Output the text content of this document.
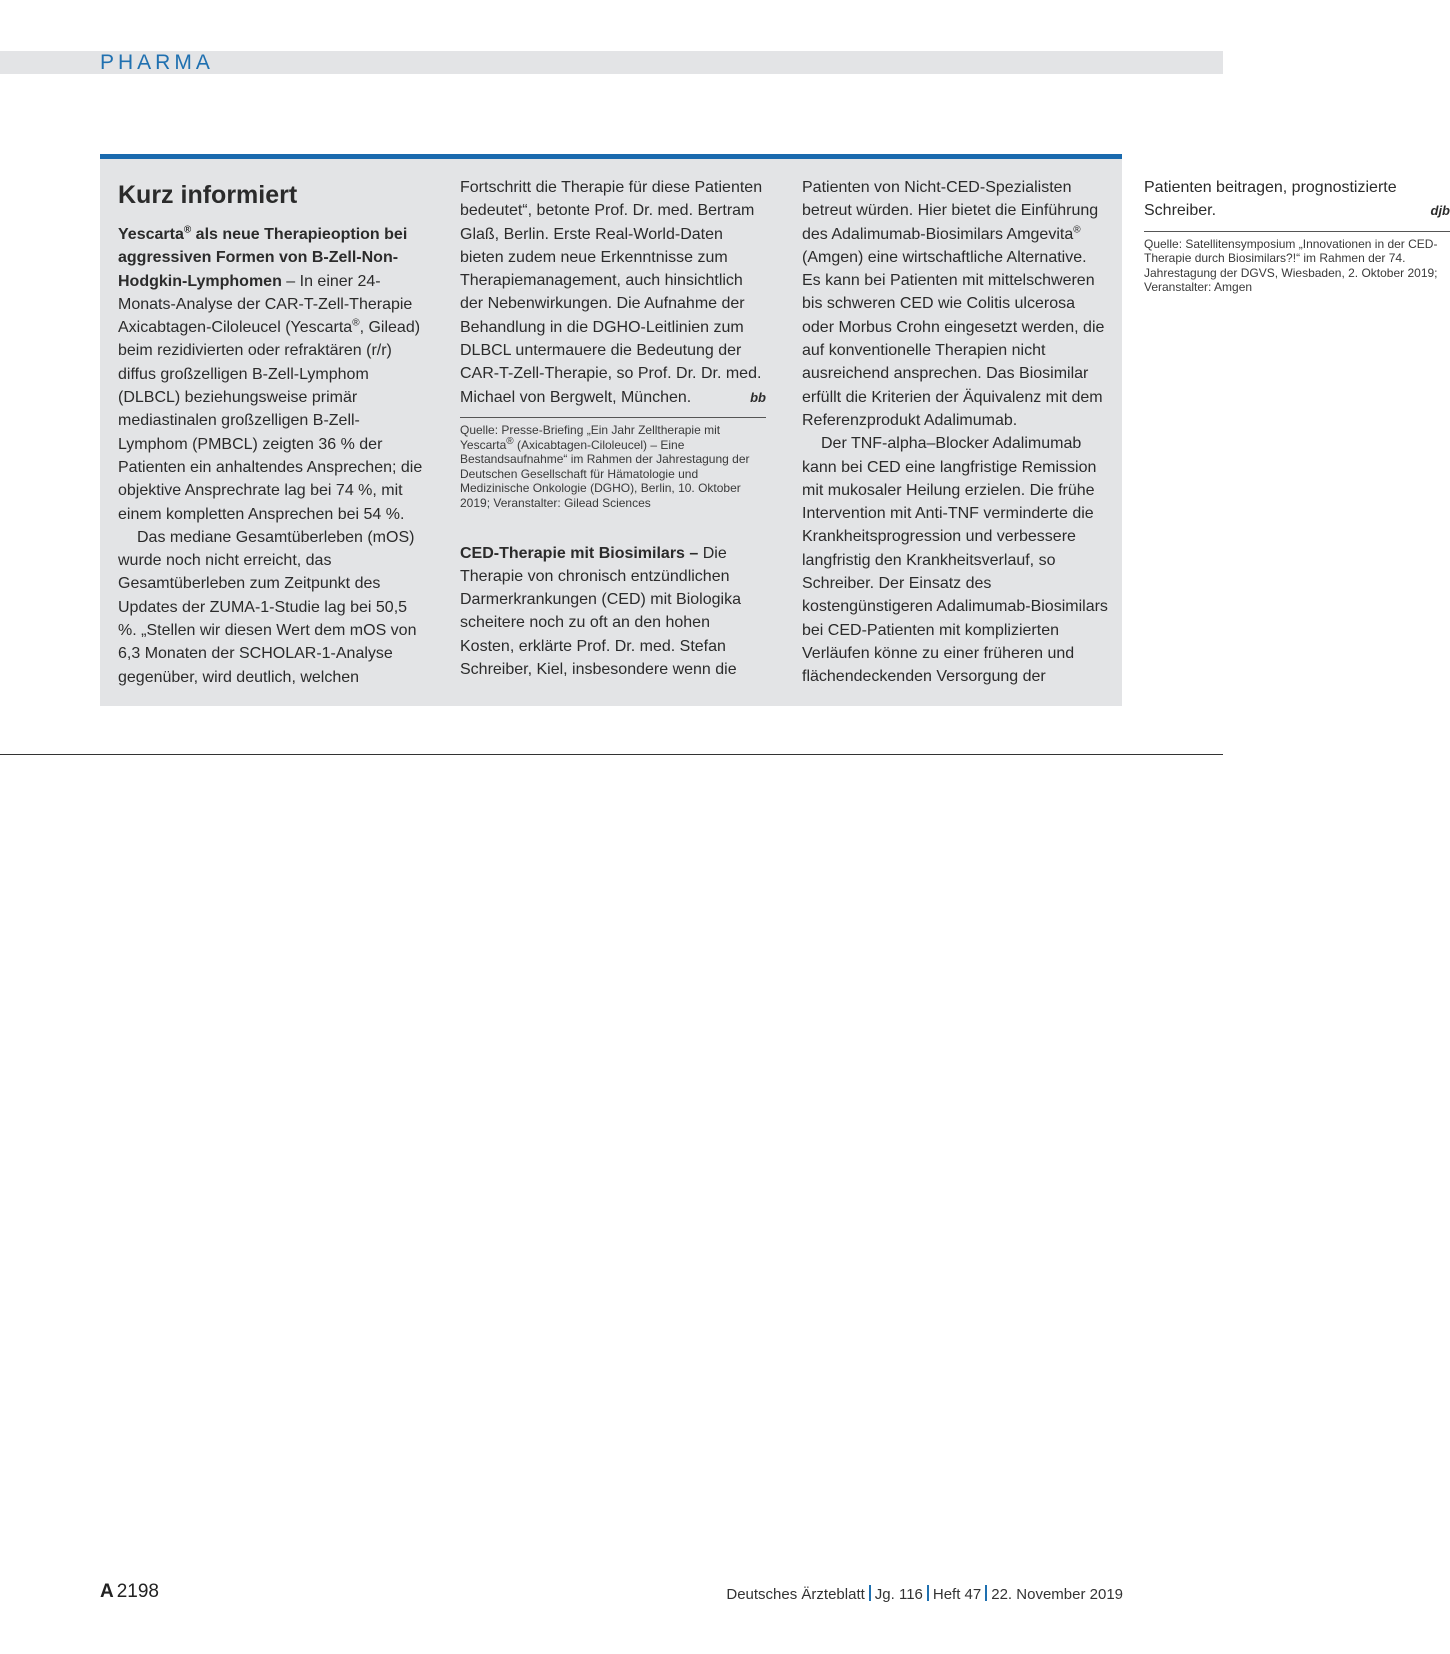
PHARMA
Kurz informiert

Yescarta® als neue Therapieoption bei aggressiven Formen von B-Zell-Non-Hodgkin-Lymphomen – In einer 24-Monats-Analyse der CAR-T-Zell-Therapie Axicabtagen-Ciloleucel (Yescarta®, Gilead) beim rezidivierten oder refraktären (r/r) diffus großzelligen B-Zell-Lymphom (DLBCL) beziehungsweise primär mediastinalen großzelligen B-Zell-Lymphom (PMBCL) zeigten 36 % der Patienten ein anhaltendes Ansprechen; die objektive Ansprechrate lag bei 74 %, mit einem kompletten Ansprechen bei 54 %.

Das mediane Gesamtüberleben (mOS) wurde noch nicht erreicht, das Gesamtüberleben zum Zeitpunkt des Updates der ZUMA-1-Studie lag bei 50,5 %. „Stellen wir diesen Wert dem mOS von 6,3 Monaten der SCHOLAR-1-Analyse gegenüber, wird deutlich, welchen Fortschritt die Therapie für diese Patienten bedeutet“, betonte Prof. Dr. med. Bertram Glaß, Berlin. Erste Real-World-Daten bieten zudem neue Erkenntnisse zum Therapiemanagement, auch hinsichtlich der Nebenwirkungen. Die Aufnahme der Behandlung in die DGHO-Leitlinien zum DLBCL untermauere die Bedeutung der CAR-T-Zell-Therapie, so Prof. Dr. Dr. med. Michael von Bergwelt, München.	bb

Quelle: Presse-Briefing „Ein Jahr Zelltherapie mit Yescarta® (Axicabtagen-Ciloleucel) – Eine Bestandsaufnahme“ im Rahmen der Jahrestagung der Deutschen Gesellschaft für Hämatologie und Medizinische Onkologie (DGHO), Berlin, 10. Oktober 2019; Veranstalter: Gilead Sciences

CED-Therapie mit Biosimilars – Die Therapie von chronisch entzündlichen Darmerkrankungen (CED) mit Biologika scheitere noch zu oft an den hohen Kosten, erklärte Prof. Dr. med. Stefan Schreiber, Kiel, insbesondere wenn die Patienten von Nicht-CED-Spezialisten betreut würden. Hier bietet die Einführung des Adalimumab-Biosimilars Amgevita® (Amgen) eine wirtschaftliche Alternative. Es kann bei Patienten mit mittelschweren bis schweren CED wie Colitis ulcerosa oder Morbus Crohn eingesetzt werden, die auf konventionelle Therapien nicht ausreichend ansprechen. Das Biosimilar erfüllt die Kriterien der Äquivalenz mit dem Referenzprodukt Adalimumab.

Der TNF-alpha–Blocker Adalimumab kann bei CED eine langfristige Remission mit mukosaler Heilung erzielen. Die frühe Intervention mit Anti-TNF verminderte die Krankheitsprogression und verbessere langfristig den Krankheitsverlauf, so Schreiber. Der Einsatz des kostengünstigeren Adalimumab-Biosimilars bei CED-Patienten mit komplizierten Verläufen könne zu einer früheren und flächendeckenden Versorgung der Patienten beitragen, prognostizierte Schreiber.	djb

Quelle: Satellitensymposium „Innovationen in der CED-Therapie durch Biosimilars?!“ im Rahmen der 74. Jahrestagung der DGVS, Wiesbaden, 2. Oktober 2019; Veranstalter: Amgen
A 2198	Deutsches Ärzteblatt Jg. 116 Heft 47 22. November 2019
